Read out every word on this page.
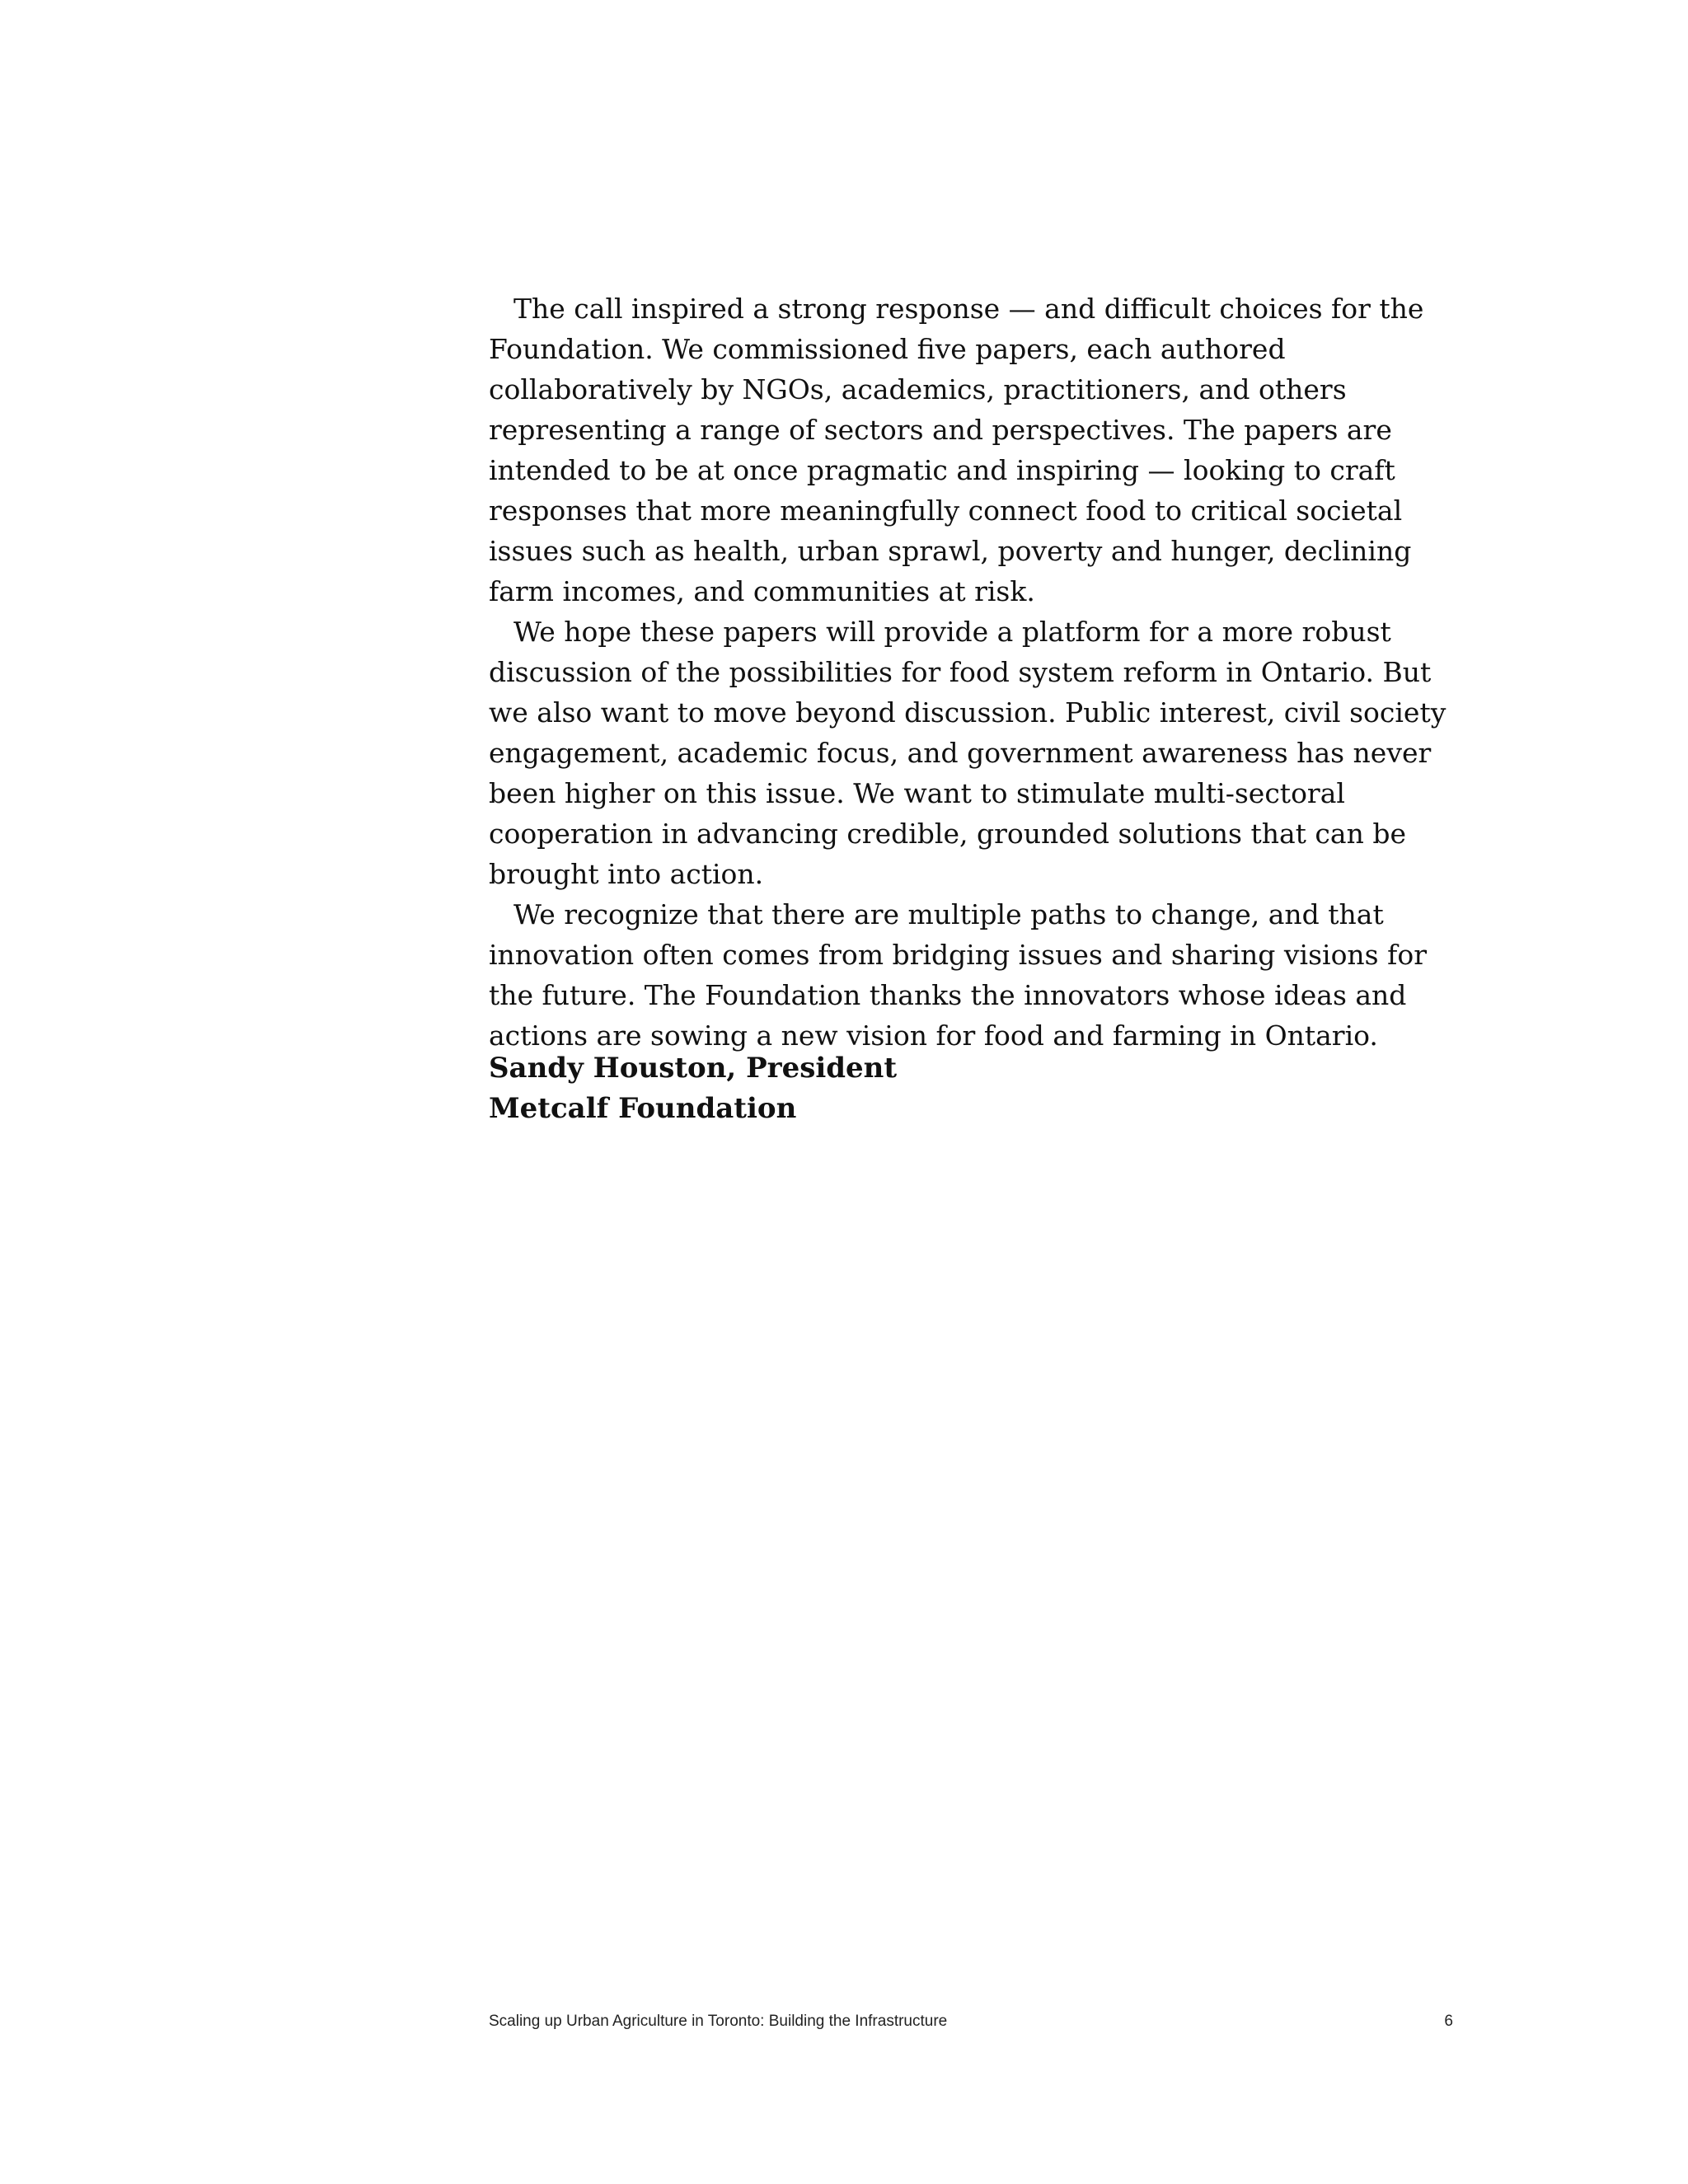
The call inspired a strong response — and difficult choices for the Foundation. We commissioned five papers, each authored collaboratively by NGOs, academics, practitioners, and others representing a range of sectors and perspectives. The papers are intended to be at once pragmatic and inspiring — looking to craft responses that more meaningfully connect food to critical societal issues such as health, urban sprawl, poverty and hunger, declining farm incomes, and communities at risk.

We hope these papers will provide a platform for a more robust discussion of the possibilities for food system reform in Ontario. But we also want to move beyond discussion. Public interest, civil society engagement, academic focus, and government awareness has never been higher on this issue. We want to stimulate multi-sectoral cooperation in advancing credible, grounded solutions that can be brought into action.

We recognize that there are multiple paths to change, and that innovation often comes from bridging issues and sharing visions for the future. The Foundation thanks the innovators whose ideas and actions are sowing a new vision for food and farming in Ontario.

Sandy Houston, President
Metcalf Foundation
Scaling up Urban Agriculture in Toronto: Building the Infrastructure	6
